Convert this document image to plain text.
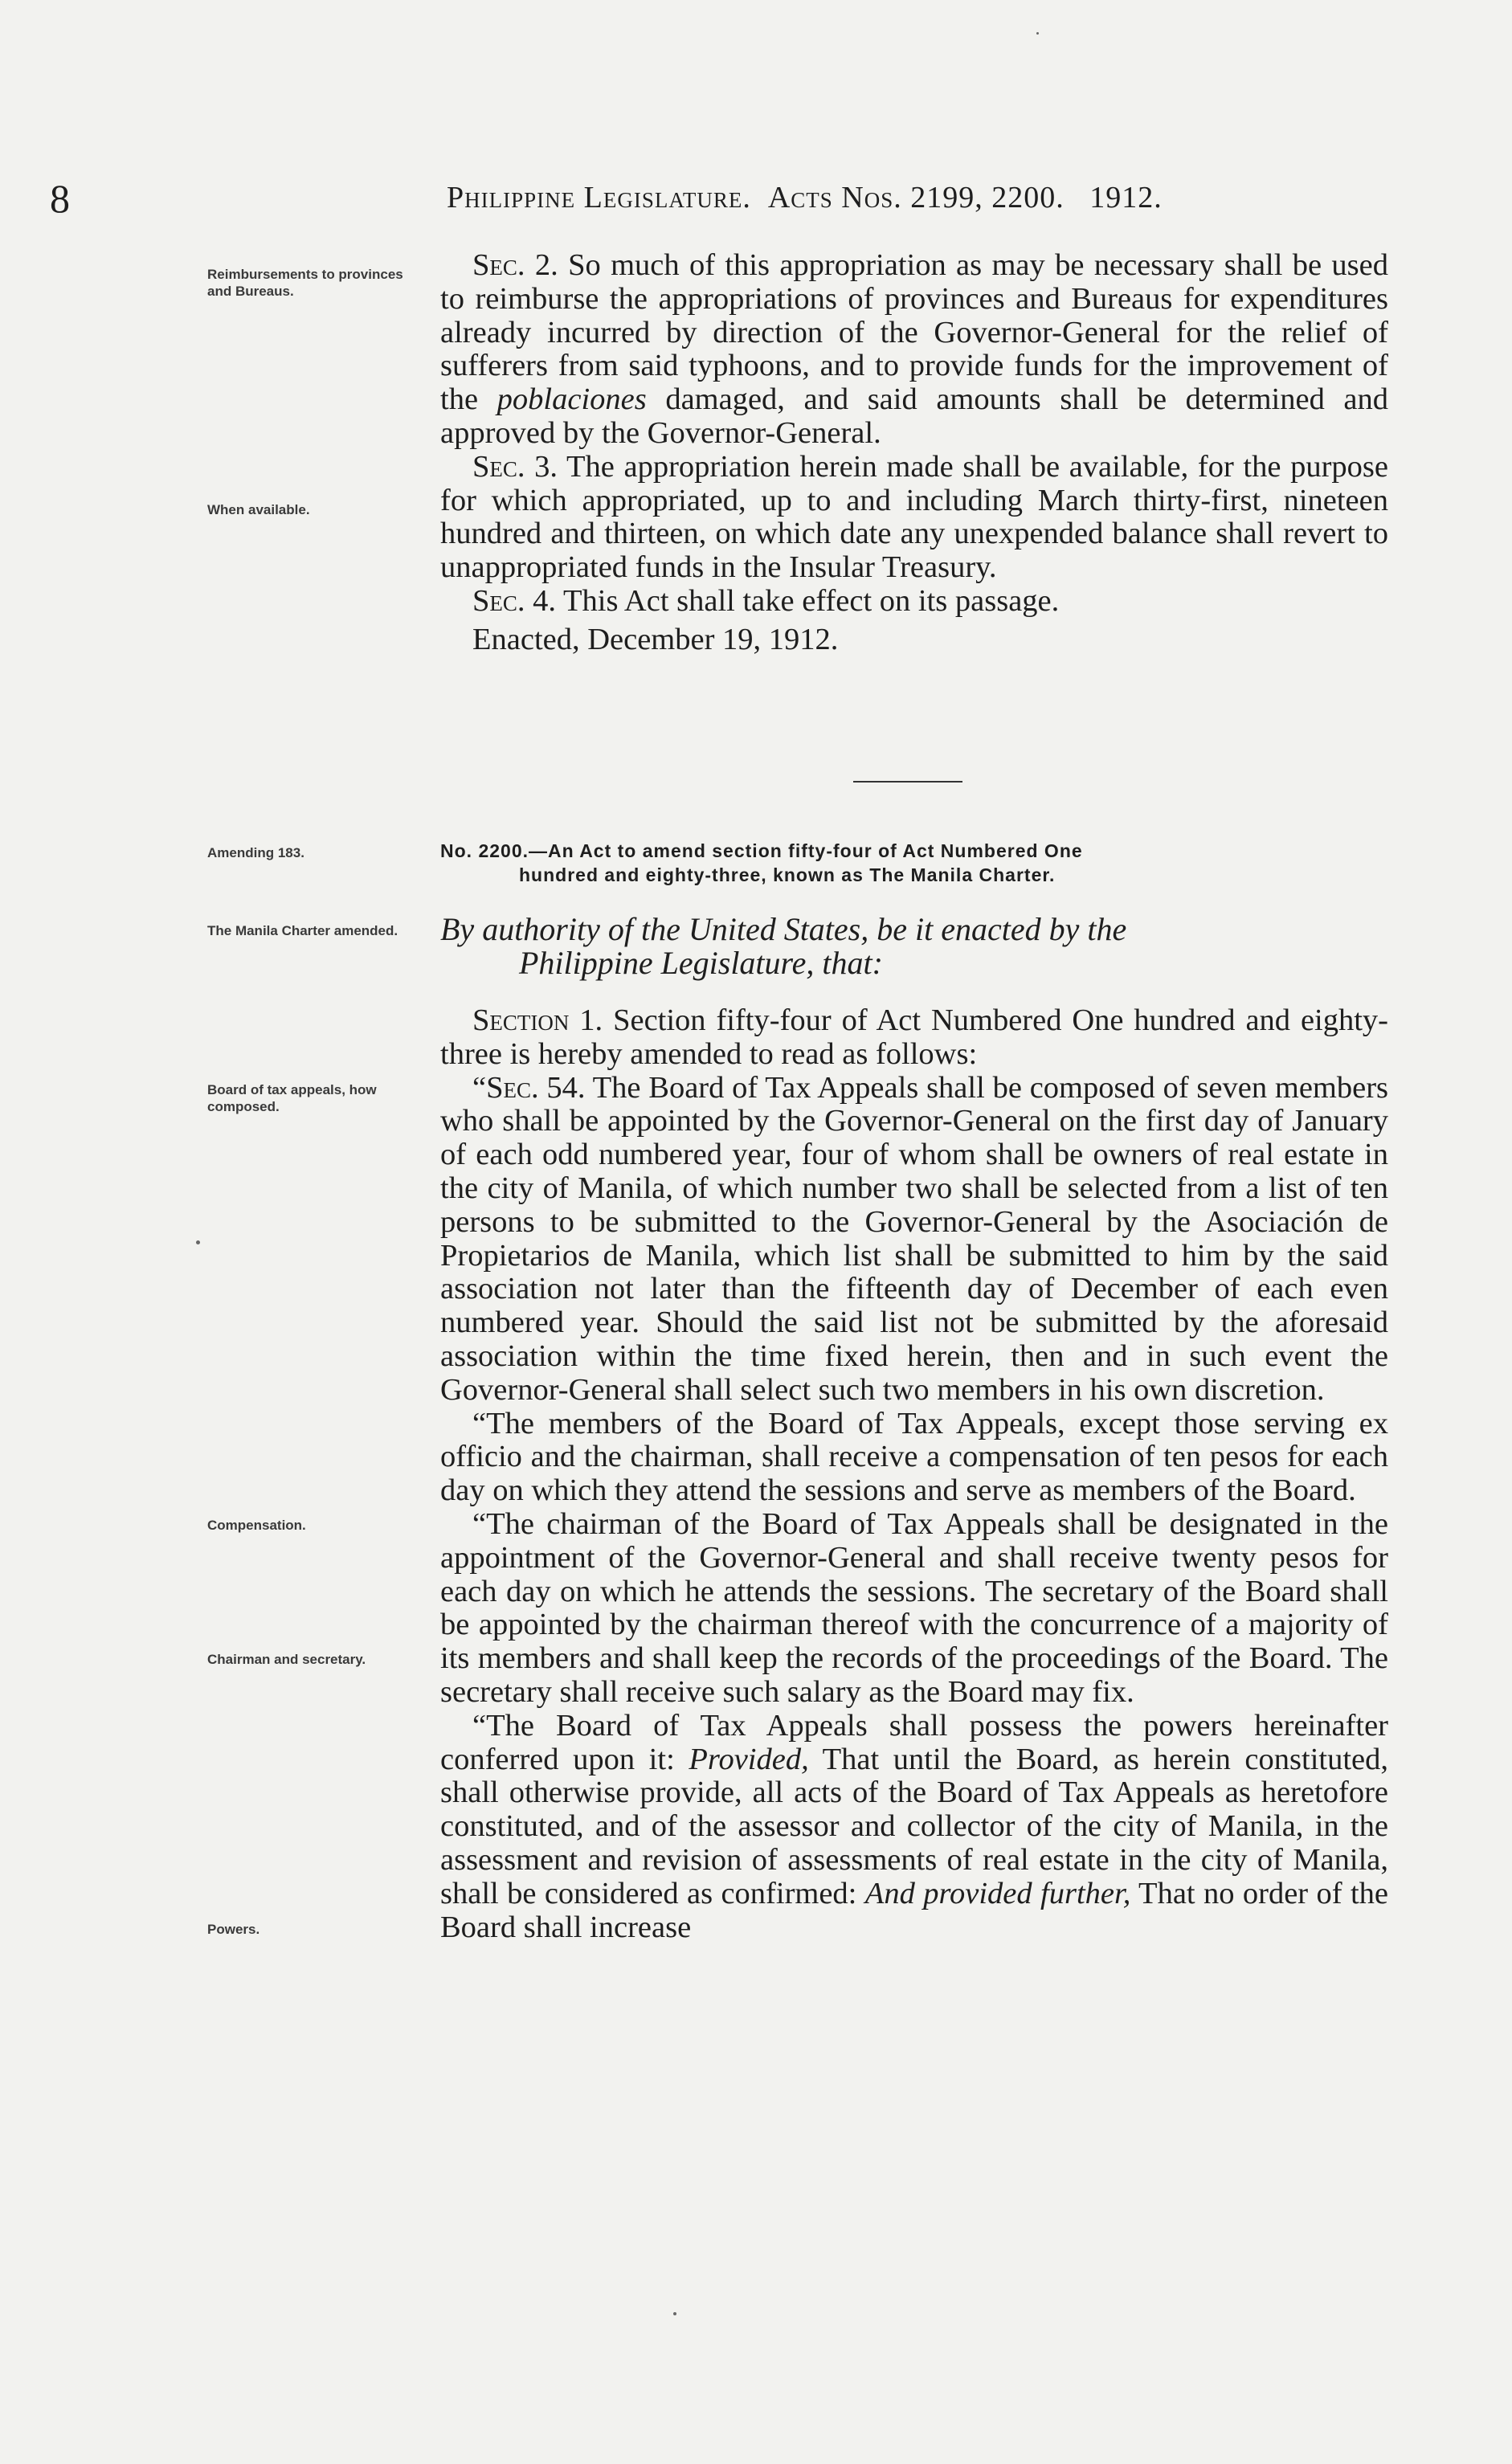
8	Philippine Legislature. Acts Nos. 2199, 2200. 1912.
Reimbursements to provinces and Bureaus.
When available.
Amending 183.
The Manila Charter amended.
Board of tax appeals, how composed.
Compensation.
Chairman and secretary.
Powers.

Sec. 2. So much of this appropriation as may be necessary shall be used to reimburse the appropriations of provinces and Bureaus for expenditures already incurred by direction of the Governor-General for the relief of sufferers from said typhoons, and to provide funds for the improvement of the poblaciones damaged, and said amounts shall be determined and approved by the Governor-General.

Sec. 3. The appropriation herein made shall be available, for the purpose for which appropriated, up to and including March thirty-first, nineteen hundred and thirteen, on which date any unexpended balance shall revert to unappropriated funds in the Insular Treasury.

Sec. 4. This Act shall take effect on its passage.

Enacted, December 19, 1912.

No. 2200.—An Act to amend section fifty-four of Act Numbered One
hundred and eighty-three, known as The Manila Charter.
By authority of the United States, be it enacted by the
Philippine Legislature, that:

Section 1. Section fifty-four of Act Numbered One hundred and eighty-three is hereby amended to read as follows:

“Sec. 54. The Board of Tax Appeals shall be composed of seven members who shall be appointed by the Governor-General on the first day of January of each odd numbered year, four of whom shall be owners of real estate in the city of Manila, of which number two shall be selected from a list of ten persons to be submitted to the Governor-General by the Asociación de Propietarios de Manila, which list shall be submitted to him by the said association not later than the fifteenth day of December of each even numbered year. Should the said list not be submitted by the aforesaid association within the time fixed herein, then and in such event the Governor-General shall select such two members in his own discretion.

“The members of the Board of Tax Appeals, except those serving ex officio and the chairman, shall receive a compensation of ten pesos for each day on which they attend the sessions and serve as members of the Board.

“The chairman of the Board of Tax Appeals shall be designated in the appointment of the Governor-General and shall receive twenty pesos for each day on which he attends the sessions. The secretary of the Board shall be appointed by the chairman thereof with the concurrence of a majority of its members and shall keep the records of the proceedings of the Board. The secretary shall receive such salary as the Board may fix.

“The Board of Tax Appeals shall possess the powers hereinafter conferred upon it: Provided, That until the Board, as herein constituted, shall otherwise provide, all acts of the Board of Tax Appeals as heretofore constituted, and of the assessor and collector of the city of Manila, in the assessment and revision of assessments of real estate in the city of Manila, shall be considered as confirmed: And provided further, That no order of the Board shall increase
